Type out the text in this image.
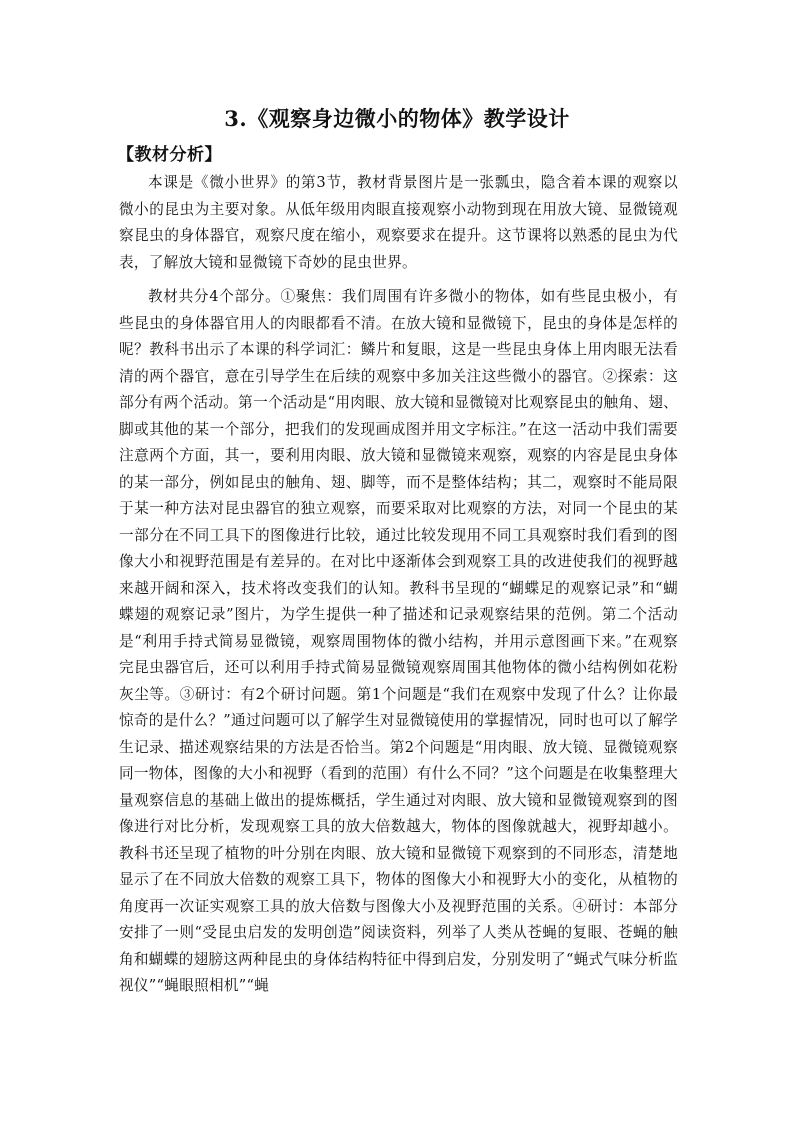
3.《观察身边微小的物体》教学设计
【教材分析】

本课是《微小世界》的第3节，教材背景图片是一张瓢虫，隐含着本课的观察以微小的昆虫为主要对象。从低年级用肉眼直接观察小动物到现在用放大镜、显微镜观察昆虫的身体器官，观察尺度在缩小，观察要求在提升。这节课将以熟悉的昆虫为代表，了解放大镜和显微镜下奇妙的昆虫世界。

教材共分4个部分。①聚焦：我们周围有许多微小的物体，如有些昆虫极小，有些昆虫的身体器官用人的肉眼都看不清。在放大镜和显微镜下，昆虫的身体是怎样的呢？教科书出示了本课的科学词汇：鳞片和复眼，这是一些昆虫身体上用肉眼无法看清的两个器官，意在引导学生在后续的观察中多加关注这些微小的器官。②探索：这部分有两个活动。第一个活动是“用肉眼、放大镜和显微镜对比观察昆虫的触角、翅、脚或其他的某一个部分，把我们的发现画成图并用文字标注。”在这一活动中我们需要注意两个方面，其一，要利用肉眼、放大镜和显微镜来观察，观察的内容是昆虫身体的某一部分，例如昆虫的触角、翅、脚等，而不是整体结构；其二，观察时不能局限于某一种方法对昆虫器官的独立观察，而要采取对比观察的方法，对同一个昆虫的某一部分在不同工具下的图像进行比较，通过比较发现用不同工具观察时我们看到的图像大小和视野范围是有差异的。在对比中逐渐体会到观察工具的改进使我们的视野越来越开阔和深入，技术将改变我们的认知。教科书呈现的“蝴蝶足的观察记录”和“蝴蝶翅的观察记录”图片，为学生提供一种了描述和记录观察结果的范例。第二个活动是“利用手持式简易显微镜，观察周围物体的微小结构，并用示意图画下来。”在观察完昆虫器官后，还可以利用手持式简易显微镜观察周围其他物体的微小结构例如花粉灰尘等。③研讨：有2个研讨问题。第1个问题是“我们在观察中发现了什么？让你最惊奇的是什么？”通过问题可以了解学生对显微镜使用的掌握情况，同时也可以了解学生记录、描述观察结果的方法是否恰当。第2个问题是“用肉眼、放大镜、显微镜观察同一物体，图像的大小和视野（看到的范围）有什么不同？”这个问题是在收集整理大量观察信息的基础上做出的提炼概括，学生通过对肉眼、放大镜和显微镜观察到的图像进行对比分析，发现观察工具的放大倍数越大，物体的图像就越大，视野却越小。教科书还呈现了植物的叶分别在肉眼、放大镜和显微镜下观察到的不同形态，清楚地显示了在不同放大倍数的观察工具下，物体的图像大小和视野大小的变化，从植物的角度再一次证实观察工具的放大倍数与图像大小及视野范围的关系。④研讨：本部分安排了一则“受昆虫启发的发明创造”阅读资料，列举了人类从苍蝇的复眼、苍蝇的触角和蝴蝶的翅膀这两种昆虫的身体结构特征中得到启发，分别发明了“蝇式气味分析监视仪”“蝇眼照相机”“蝇
